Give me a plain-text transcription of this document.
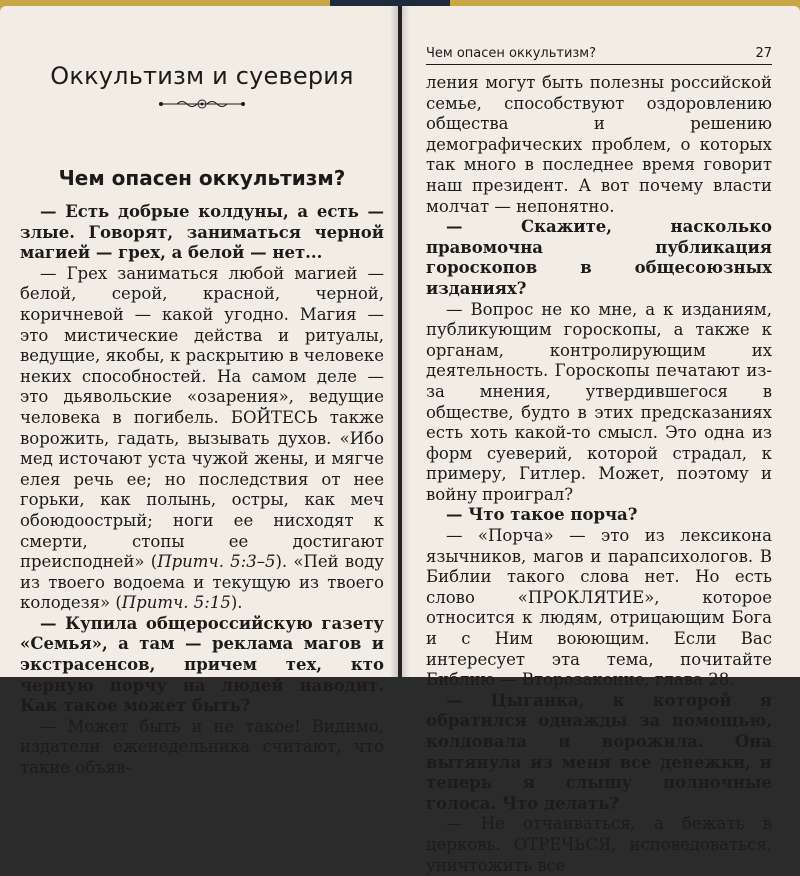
Оккультизм и суеверия
Чем опасен оккультизм?

— Есть добрые колдуны, а есть — злые. Говорят, заниматься черной магией — грех, а белой — нет...

— Грех заниматься любой магией — белой, серой, красной, черной, коричневой — какой угодно. Магия — это мистические действа и ритуалы, ведущие, якобы, к раскрытию в человеке неких способностей. На самом деле — это дьявольские «озарения», ведущие человека в погибель. БОЙТЕСЬ также ворожить, гадать, вызывать духов. «Ибо мед источают уста чужой жены, и мягче елея речь ее; но последствия от нее горьки, как полынь, остры, как меч обоюдоострый; ноги ее нисходят к смерти, стопы ее достигают преисподней» (Притч. 5:3–5). «Пей воду из твоего водоема и текущую из твоего колодезя» (Притч. 5:15).

— Купила общероссийскую газету «Семья», а там — реклама магов и экстрасенсов, причем тех, кто черную порчу на людей наводит. Как такое может быть?

— Может быть и не такое! Видимо, издатели еженедельника считают, что такие объяв-

Чем опасен оккультизм?	27

ления могут быть полезны российской семье, способствуют оздоровлению общества и решению демографических проблем, о которых так много в последнее время говорит наш президент. А вот почему власти молчат — непонятно.

— Скажите, насколько правомочна публикация гороскопов в общесоюзных изданиях?

— Вопрос не ко мне, а к изданиям, публикующим гороскопы, а также к органам, контролирующим их деятельность. Гороскопы печатают из-за мнения, утвердившегося в обществе, будто в этих предсказаниях есть хоть какой-то смысл. Это одна из форм суеверий, которой страдал, к примеру, Гитлер. Может, поэтому и войну проиграл?

— Что такое порча?

— «Порча» — это из лексикона язычников, магов и парапсихологов. В Библии такого слова нет. Но есть слово «ПРОКЛЯТИЕ», которое относится к людям, отрицающим Бога и с Ним воюющим. Если Вас интересует эта тема, почитайте Библию — Второзаконие, глава 28.

— Цыганка, к которой я обратился однажды за помощью, колдовала и ворожила. Она вытянула из меня все денежки, и теперь я слышу полночные голоса. Что делать?

— Не отчаиваться, а бежать в церковь. ОТРЕЧЬСЯ, исповедоваться, уничтожить все
